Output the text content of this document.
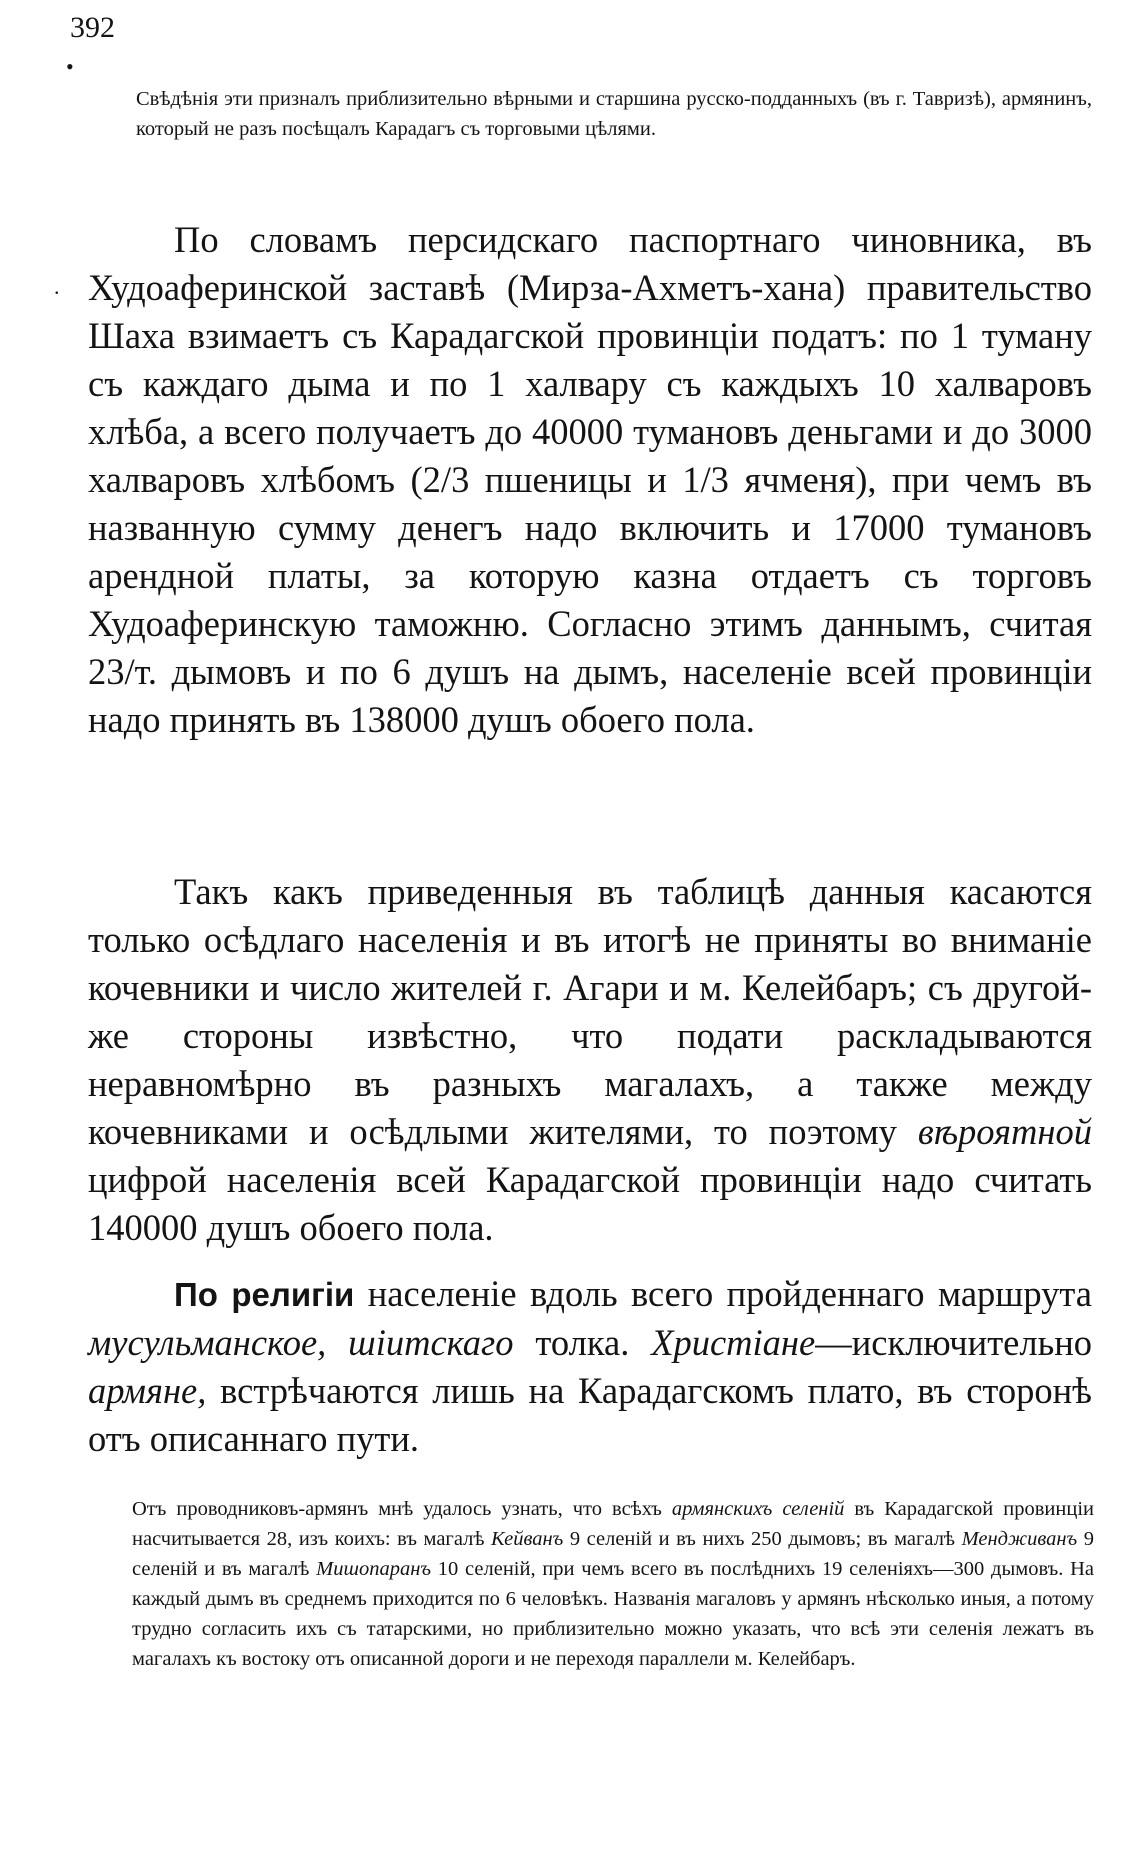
392
•
.

Свѣдѣнія эти призналъ приблизительно вѣрными и старшина русско-подданныхъ (въ г. Тавризѣ), армянинъ, который не разъ посѣщалъ Карадагъ съ торговыми цѣлями.

По словамъ персидскаго паспортнаго чиновника, въ Худоаферинской заставѣ (Мирза-Ахметъ-хана) правительство Шаха взимаетъ съ Карадагской провинціи податъ: по 1 туману съ каждаго дыма и по 1 халвару съ каждыхъ 10 халваровъ хлѣба, а всего получаетъ до 40000 тумановъ деньгами и до 3000 халваровъ хлѣбомъ (2/3 пшеницы и 1/3 ячменя), при чемъ въ названную сумму денегъ надо включить и 17000 тумановъ арендной платы, за которую казна отдаетъ съ торговъ Худоаферинскую таможню. Согласно этимъ даннымъ, считая 23/т. дымовъ и по 6 душъ на дымъ, населеніе всей провинціи надо принять въ 138000 душъ обоего пола.

Такъ какъ приведенныя въ таблицѣ данныя касаются только осѣдлаго населенія и въ итогѣ не приняты во вниманіе кочевники и число жителей г. Агари и м. Келейбаръ; съ другой-же стороны извѣстно, что подати раскладываются неравномѣрно въ разныхъ магалахъ, а также между кочевниками и осѣдлыми жителями, то поэтому вѣроятной цифрой населенія всей Карадагской провинціи надо считать 140000 душъ обоего пола.

По религіи населеніе вдоль всего пройденнаго маршрута мусульманское, шіитскаго толка. Христіане—исключительно армяне, встрѣчаются лишь на Карадагскомъ плато, въ сторонѣ отъ описаннаго пути.

Отъ проводниковъ-армянъ мнѣ удалось узнать, что всѣхъ армянскихъ селеній въ Карадагской провинціи насчитывается 28, изъ коихъ: въ магалѣ Кейванъ 9 селеній и въ нихъ 250 дымовъ; въ магалѣ Мендживанъ 9 селеній и въ магалѣ Мишопаранъ 10 селеній, при чемъ всего въ послѣднихъ 19 селеніяхъ—300 дымовъ. На каждый дымъ въ среднемъ приходится по 6 человѣкъ. Названія магаловъ у армянъ нѣсколько иныя, а потому трудно согласить ихъ съ татарскими, но приблизительно можно указать, что всѣ эти селенія лежатъ въ магалахъ къ востоку отъ описанной дороги и не переходя параллели м. Келейбаръ.
